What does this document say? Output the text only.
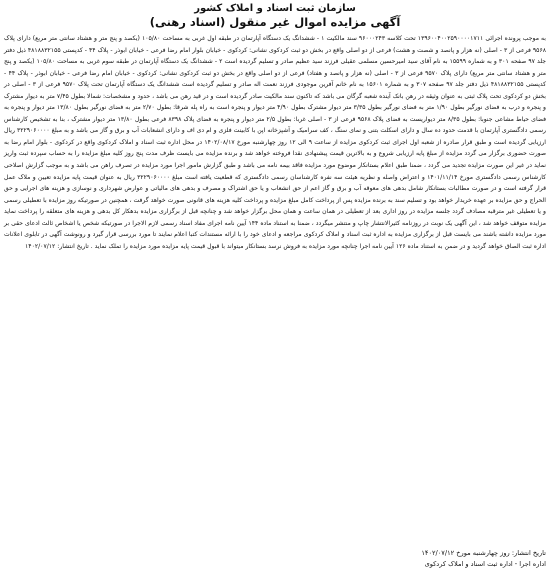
سازمان ثبت اسناد و املاک کشور
آگهی مزایده اموال غیر منقول (اسناد رهنی)

به موجب پرونده اجرائی ۱۳۹۶۰۰۴۰۰۲۵۹۰۰۰۰۱۷۱۱ تحت کلاسه ۹۶۰۰۰۲۴۳ سند مالکیت ۱ - ششدانگ یک دستگاه آپارتمان در طبقه اول غربی به مساحت ۱۰۵/۸۰ (یکصد و پنج متر و هشتاد سانتی متر مربع) دارای پلاک ۹۵۶۸ فرعی از ۳ - اصلی (نه هزار و پانصد و شصت و هشت) فرعی از دو اصلی واقع در بخش دو ثبت کردکوی نشانی: کردکوی - خیابان بلوار امام رضا فرعی - خیابان ابوذر - پلاک ۴۴ - کدپستی ۴۸۱۸۸۳۲۱۵۵ ذیل دفتر جلد ۹۷ صفحه ۳۰۱ و به شماره ۱۵۵۹۹ به نام آقای سید امیرحسین مسلمی عقیلی فرزند سید عظیم صادر و تسلیم گردیده است ۲ - ششدانگ یک دستگاه آپارتمان در طبقه سوم غربی به مساحت ۱۰۵/۸۰ (یکصد و پنج متر و هشتاد سانتی متر مربع) دارای پلاک ۹۵۷۰ فرعی از ۳ - اصلی (نه هزار و پانصد و هفتاد) فرعی از دو اصلی واقع در بخش دو ثبت کردکوی نشانی: کردکوی - خیابان امام رضا فرعی - خیابان ابوذر - پلاک ۴۴ - کدپستی ۴۸۱۸۸۳۲۱۵۵ ذیل دفتر جلد ۹۷ صفحه ۳۰۷ و به شماره ۱۵۶۰۱ به نام خانم آفرین موجودی فرزند نعمت اله صادر و تسلیم گردیده است ششدانگ یک دستگاه آپارتمان تحت پلاک ۹۵۷۰ فرعی از ۳ - اصلی در بخش دو کردکوی تحت پلاک ثبتی به عنوان وثیقه در رهن بانک آینده شعبه گرگان می باشد که تاکنون سند مالکیت صادر گردیده است و در قید رهن می باشد ، حدود و مشخصات: شمالا بطول ۷/۴۵ متر به دیوار مشترک و پنجره و درب به فضای نورگیر بطول ۱/۹۰ متر به فضای نورگیر بطول ۳/۳۵ متر دیوار مشترک بطول ۴/۹۰ متر دیوار و پنجره است به راه پله شرقا: بطول ۲/۷۰ متر به فضای نورگیر بطول ۱۳/۸۰ متر دیوار و پنجره به فضای حیاط مشاعی جنوبا: بطول ۸/۳۵ متر دیواریست به فضای پلاک ۹۵۶۸ فرعی از ۳ - اصلی غربا: بطول ۲/۵ متر دیوار و پنجره به فضای پلاک ۸۳۹۸ فرعی بطول ۱۳/۸۰ متر دیوار مشترک ، بنا به تشخیص کارشناس رسمی دادگستری آپارتمان با قدمت حدود ده سال و دارای اسکلت بتنی و نمای سنگ ، کف سرامیک و آشپزخانه اپن با کابینت فلزی و ام دی اف و دارای انشعابات آب و برق و گاز می باشد و به مبلغ ۳۲۲۹۰۶۰۰۰۰ ریال ارزیابی گردیده است و طبق قرار صادره از شعبه اول اجرای ثبت کردکوی مزایده از ساعت ۹ الی ۱۲ روز چهارشنبه مورخ ۱۴۰۲/۰۸/۱۷ در محل اداره ثبت اسناد و املاک کردکوی واقع در کردکوی - بلوار امام رضا به صورت حضوری برگزار می گردد مزایده از مبلغ پایه ارزیابی شروع و به بالاترین قیمت پیشنهادی نقدا فروخته خواهد شد و برنده مزایده می بایست ظرف مدت پنج روز کلیه مبلغ مزایده را به حساب سپرده ثبت واریز نماید در غیر این صورت مزایده تجدید می گردد ، ضمنا طبق اعلام بستانکار موضوع مورد مزایده فاقد بیمه نامه می باشد و طبق گزارش مامور اجرا مورد مزایده در تصرف راهن می باشد و به موجب گزارش اصلاحی کارشناس رسمی دادگستری مورخ ۱۴۰۱/۱۱/۱۴ و اعتراض واصله و نظریه هیئت سه نفره کارشناسان رسمی دادگستری که قطعیت یافته است مبلغ ۳۲۲۹۰۶۰۰۰۰ ریال به عنوان قیمت پایه مزایده تعیین و ملاک عمل قرار گرفته است و در صورت مطالبات بستانکار شامل بدهی های معوقه آب و برق و گاز اعم از حق انشعاب و یا حق اشتراک و مصرف و بدهی های مالیاتی و عوارض شهرداری و نوسازی و هزینه های اجرایی و حق الحراج و حق مزایده بر عهده خریدار خواهد بود و تسلیم سند به برنده مزایده پس از پرداخت کامل مبلغ مزایده و پرداخت کلیه هزینه های قانونی صورت خواهد گرفت ، همچنین در صورتیکه روز مزایده با تعطیلی رسمی و یا تعطیلی غیر مترقبه مصادف گردد جلسه مزایده در روز اداری بعد از تعطیلی در همان ساعت و همان محل برگزار خواهد شد و چنانچه قبل از برگزاری مزایده بدهکار کل بدهی و هزینه های متعلقه را پرداخت نماید مزایده متوقف خواهد شد ، این آگهی یک نوبت در روزنامه کثیرالانتشار چاپ و منتشر میگردد ، ضمنا به استناد ماده ۱۴۴ آیین نامه اجرای مفاد اسناد رسمی لازم الاجرا در صورتیکه شخص یا اشخاص ثالث ادعای حقی بر مورد مزایده داشته باشند می بایست قبل از برگزاری مزایده به اداره ثبت اسناد و املاک کردکوی مراجعه و ادعای خود را با ارائه مستندات کتبا اعلام نمایند تا مورد بررسی قرار گیرد و رونوشت آگهی در تابلوی اعلانات اداره ثبت الصاق خواهد گردید و در ضمن به استناد ماده ۱۲۶ آیین نامه اجرا چنانچه مورد مزایده به فروش نرسد بستانکار میتواند با قبول قیمت پایه مزایده مورد مزایده را تملک نماید . تاریخ انتشار: ۱۴۰۲/۰۷/۱۲

تاریخ انتشار: روز چهارشنبه مورخ ۱۴۰۲/۰۷/۱۲
اداره اجرا - اداره ثبت اسناد و املاک کردکوی
